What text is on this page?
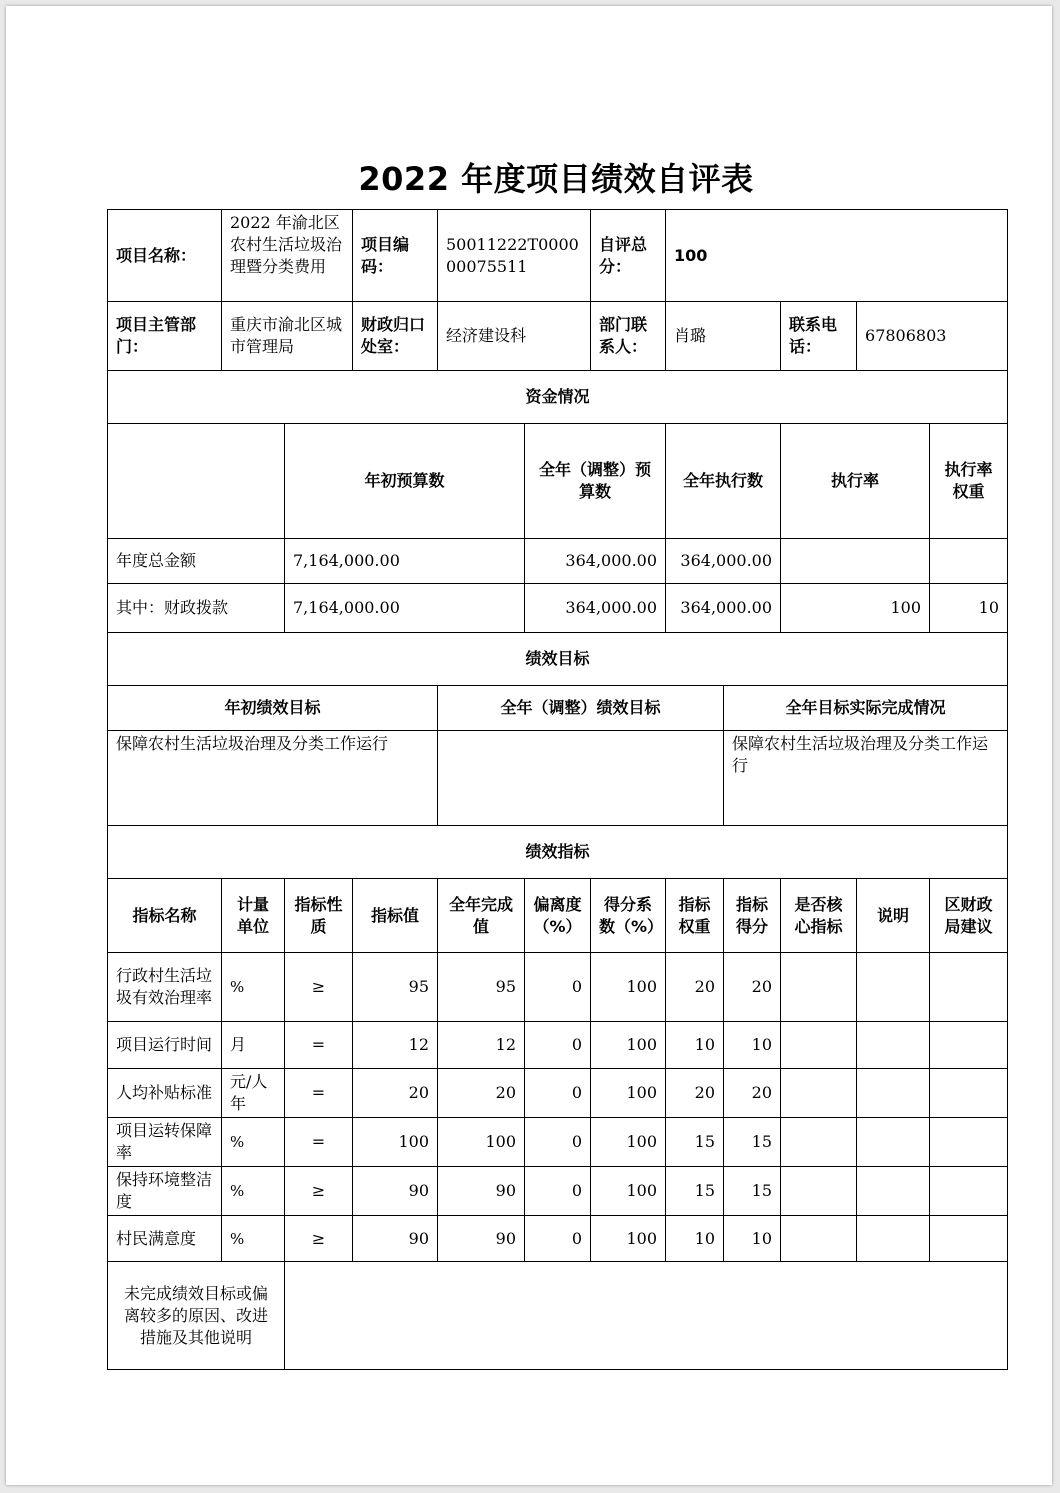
2022 年度项目绩效自评表
项目名称：	2022 年渝北区农村生活垃圾治理暨分类费用		项目编码：	50011222T000000075511		自评总分：	100					
项目主管部门：	重庆市渝北区城市管理局		财政归口处室：	经济建设科		部门联系人：	肖璐		联系电话：	67806803		
资金情况												
		年初预算数			全年（调整）预算数		全年执行数		执行率		执行率权重	
年度总金额		7,164,000.00			364,000.00		364,000.00					
其中：财政拨款		7,164,000.00			364,000.00		364,000.00		100		10	
绩效目标												
年初绩效目标				全年（调整）绩效目标				全年目标实际完成情况				
保障农村生活垃圾治理及分类工作运行								保障农村生活垃圾治理及分类工作运行				
绩效指标												
指标名称	计量单位	指标性质	指标值	全年完成值	偏离度（%）	得分系数（%）	指标权重	指标得分	是否核心指标	说明	区财政局建议	
行政村生活垃圾有效治理率	%	≥	95	95	0	100	20	20				
项目运行时间	月	=	12	12	0	100	10	10				
人均补贴标准	元/人年	=	20	20	0	100	20	20				
项目运转保障率	%	=	100	100	0	100	15	15				
保持环境整洁度	%	≥	90	90	0	100	15	15				
村民满意度	%	≥	90	90	0	100	10	10				
未完成绩效目标或偏离较多的原因、改进措施及其他说明												
